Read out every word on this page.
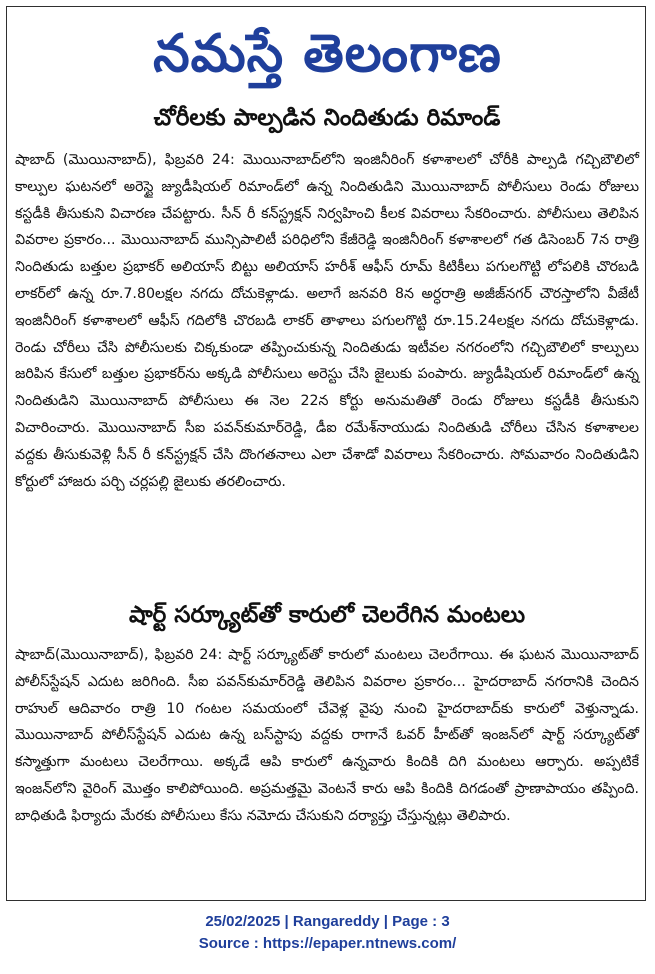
నమస్తే తెలంగాణ
చోరీలకు పాల్పడిన నిందితుడు రిమాండ్

షాబాద్ (మొయినాబాద్), ఫిబ్రవరి 24: మొయినాబాద్‌లోని ఇంజినీరింగ్ కళాశాలలో చోరీకి పాల్పడి గచ్చిబౌలిలో కాల్పుల ఘటనలో అరెస్టై జ్యుడీషియల్ రిమాండ్‌లో ఉన్న నిందితుడిని మొయినాబాద్ పోలీసులు రెండు రోజులు కస్టడీకి తీసుకుని విచారణ చేపట్టారు. సీన్ రీ కన్‌స్ట్రక్షన్ నిర్వహించి కీలక వివరాలు సేకరించారు. పోలీసులు తెలిపిన వివరాల ప్రకారం... మొయినాబాద్ మున్సిపాలిటీ పరిధిలోని కేజీరెడ్డి ఇంజినీరింగ్ కళాశాలలో గత డిసెంబర్ 7న రాత్రి నిందితుడు బత్తుల ప్రభాకర్ అలియాస్ బిట్టు అలియాస్ హరీశ్ ఆఫీస్ రూమ్ కిటికీలు పగులగొట్టి లోపలికి చొరబడి లాకర్‌లో ఉన్న రూ.7.80లక్షల నగదు దోచుకెళ్లాడు. అలాగే జనవరి 8న అర్ధరాత్రి అజీజ్‌నగర్ చౌరస్తాలోని వీజేటీ ఇంజినీరింగ్ కళాశాలలో ఆఫీస్ గదిలోకి చొరబడి లాకర్ తాళాలు పగులగొట్టి రూ.15.24లక్షల నగదు దోచుకెళ్లాడు. రెండు చోరీలు చేసి పోలీసులకు చిక్కకుండా తప్పించుకున్న నిందితుడు ఇటీవల నగరంలోని గచ్చిబౌలిలో కాల్పులు జరిపిన కేసులో బత్తుల ప్రభాకర్‌ను అక్కడి పోలీసులు అరెస్టు చేసి జైలుకు పంపారు. జ్యుడీషియల్ రిమాండ్‌లో ఉన్న నిందితుడిని మొయినాబాద్ పోలీసులు ఈ నెల 22న కోర్టు అనుమతితో రెండు రోజులు కస్టడీకి తీసుకుని విచారించారు. మొయినాబాద్ సీఐ పవన్‌కుమార్‌రెడ్డి, డీఐ రమేశ్‌నాయుడు నిందితుడి చోరీలు చేసిన కళాశాలల వద్దకు తీసుకువెళ్లి సీన్ రీ కన్‌స్ట్రక్షన్ చేసి దొంగతనాలు ఎలా చేశాడో వివరాలు సేకరించారు. సోమవారం నిందితుడిని కోర్టులో హాజరు పర్చి చర్లపల్లి జైలుకు తరలించారు.

షార్ట్ సర్క్యూట్‌తో కారులో చెలరేగిన మంటలు

షాబాద్(మొయినాబాద్), ఫిబ్రవరి 24: షార్ట్ సర్క్యూట్‌తో కారులో మంటలు చెలరేగాయి. ఈ ఘటన మొయినాబాద్ పోలీస్‌స్టేషన్ ఎదుట జరిగింది. సీఐ పవన్‌కుమార్‌రెడ్డి తెలిపిన వివరాల ప్రకారం... హైదరాబాద్ నగరానికి చెందిన రాహుల్ ఆదివారం రాత్రి 10 గంటల సమయంలో చేవెళ్ల వైపు నుంచి హైదరాబాద్‌కు కారులో వెళ్తున్నాడు. మొయినాబాద్ పోలీస్‌స్టేషన్ ఎదుట ఉన్న బస్‌స్టాపు వద్దకు రాగానే ఓవర్ హీట్‌తో ఇంజన్‌లో షార్ట్ సర్క్యూట్‌తో కస్మాత్తుగా మంటలు చెలరేగాయి. అక్కడే ఆపి కారులో ఉన్నవారు కిందికి దిగి మంటలు ఆర్పారు. అప్పటికే ఇంజన్‌లోని వైరింగ్ మొత్తం కాలిపోయింది. అప్రమత్తమై వెంటనే కారు ఆపి కిందికి దిగడంతో ప్రాణాపాయం తప్పింది. బాధితుడి ఫిర్యాదు మేరకు పోలీసులు కేసు నమోదు చేసుకుని దర్యాప్తు చేస్తున్నట్లు తెలిపారు.

25/02/2025 | Rangareddy | Page : 3
Source : https://epaper.ntnews.com/
